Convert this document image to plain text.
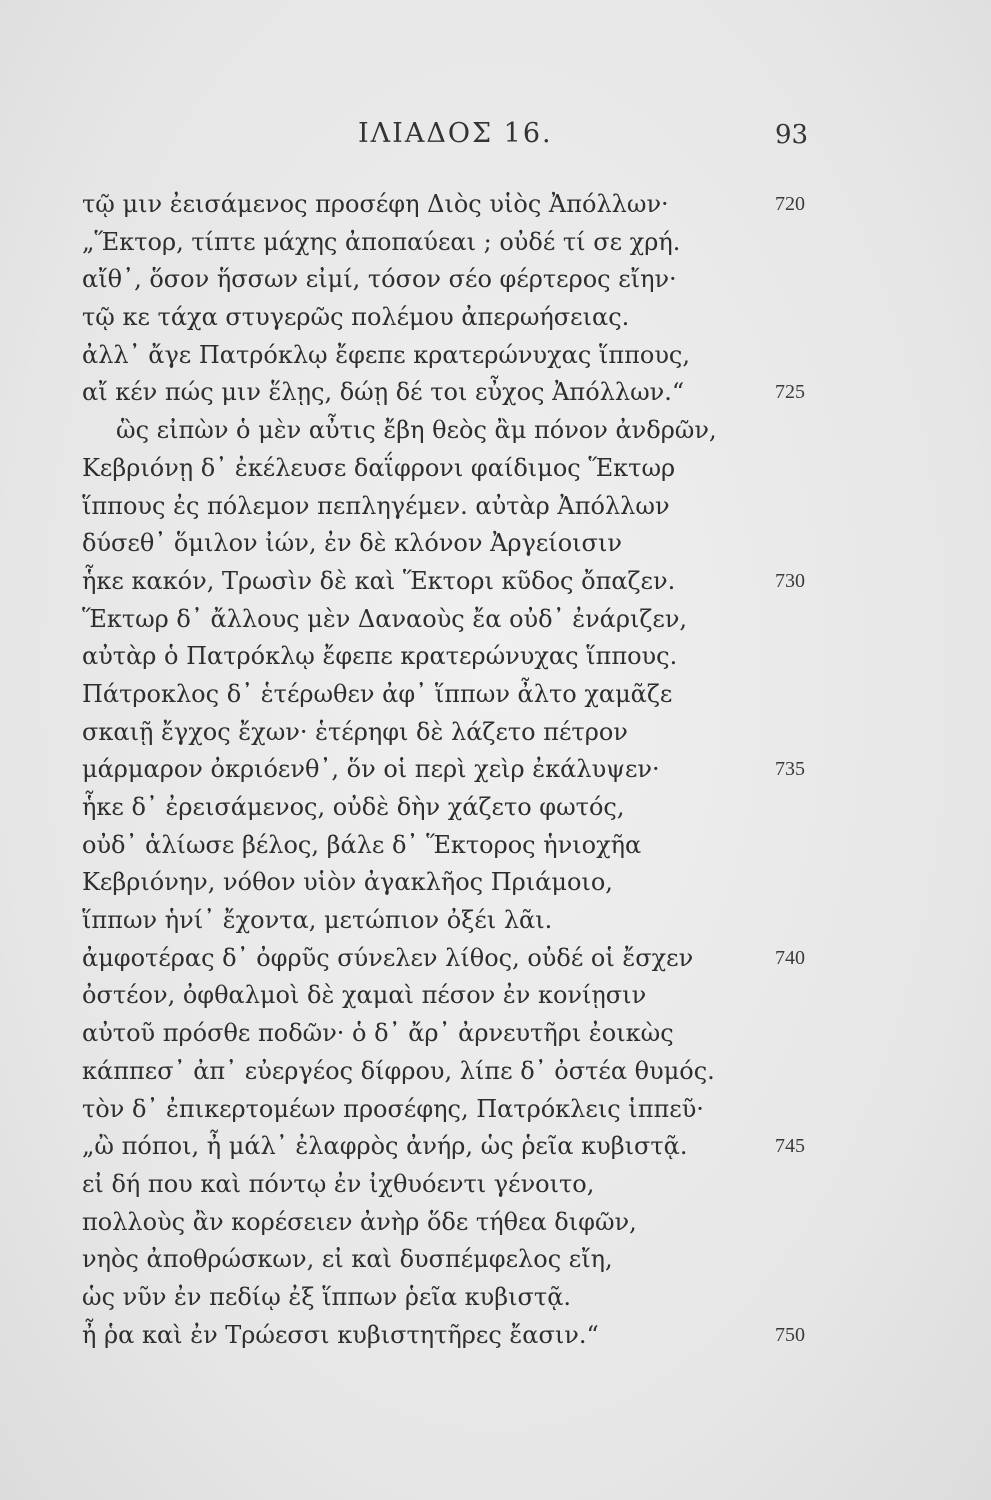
ΙΛΙΑΔΟΣ 16.	93
τῷ μιν ἐεισάμενος προσέφη Διὸς υἱὸς Ἀπόλλων·	720
„Ἕκτορ, τίπτε μάχης ἀποπαύεαι ; οὐδέ τί σε χρή.
αἴθ᾽, ὅσον ἥσσων εἰμί, τόσον σέο φέρτερος εἴην·
τῷ κε τάχα στυγερῶς πολέμου ἀπερωήσειας.
ἀλλ᾽ ἄγε Πατρόκλῳ ἔφεπε κρατερώνυχας ἵππους,
αἴ κέν πώς μιν ἕλῃς, δώῃ δέ τοι εὖχος Ἀπόλλων.“	725
ὣς εἰπὼν ὁ μὲν αὖτις ἔβη θεὸς ἂμ πόνον ἀνδρῶν,
Κεβριόνῃ δ᾽ ἐκέλευσε δαΐφρονι φαίδιμος Ἕκτωρ
ἵππους ἐς πόλεμον πεπληγέμεν. αὐτὰρ Ἀπόλλων
δύσεθ᾽ ὅμιλον ἰών, ἐν δὲ κλόνον Ἀργείοισιν
ἧκε κακόν, Τρωσὶν δὲ καὶ Ἕκτορι κῦδος ὄπαζεν.	730
Ἕκτωρ δ᾽ ἄλλους μὲν Δαναοὺς ἔα οὐδ᾽ ἐνάριζεν,
αὐτὰρ ὁ Πατρόκλῳ ἔφεπε κρατερώνυχας ἵππους.
Πάτροκλος δ᾽ ἑτέρωθεν ἀφ᾽ ἵππων ἆλτο χαμᾶζε
σκαιῇ ἔγχος ἔχων· ἑτέρηφι δὲ λάζετο πέτρον
μάρμαρον ὀκριόενθ᾽, ὅν οἱ περὶ χεὶρ ἐκάλυψεν·	735
ἧκε δ᾽ ἐρεισάμενος, οὐδὲ δὴν χάζετο φωτός,
οὐδ᾽ ἁλίωσε βέλος, βάλε δ᾽ Ἕκτορος ἡνιοχῆα
Κεβριόνην, νόθον υἱὸν ἀγακλῆος Πριάμοιο,
ἵππων ἡνί᾽ ἔχοντα, μετώπιον ὀξέι λᾶι.
ἀμφοτέρας δ᾽ ὀφρῦς σύνελεν λίθος, οὐδέ οἱ ἔσχεν	740
ὀστέον, ὀφθαλμοὶ δὲ χαμαὶ πέσον ἐν κονίῃσιν
αὐτοῦ πρόσθε ποδῶν· ὁ δ᾽ ἄρ᾽ ἀρνευτῆρι ἐοικὼς
κάππεσ᾽ ἀπ᾽ εὐεργέος δίφρου, λίπε δ᾽ ὀστέα θυμός.
τὸν δ᾽ ἐπικερτομέων προσέφης, Πατρόκλεις ἱππεῦ·
„ὢ πόποι, ἦ μάλ᾽ ἐλαφρὸς ἀνήρ, ὡς ῥεῖα κυβιστᾷ.	745
εἰ δή που καὶ πόντῳ ἐν ἰχθυόεντι γένοιτο,
πολλοὺς ἂν κορέσειεν ἀνὴρ ὅδε τήθεα διφῶν,
νηὸς ἀποθρώσκων, εἰ καὶ δυσπέμφελος εἴη,
ὡς νῦν ἐν πεδίῳ ἐξ ἵππων ῥεῖα κυβιστᾷ.
ἦ ῥα καὶ ἐν Τρώεσσι κυβιστητῆρες ἔασιν.“	750
